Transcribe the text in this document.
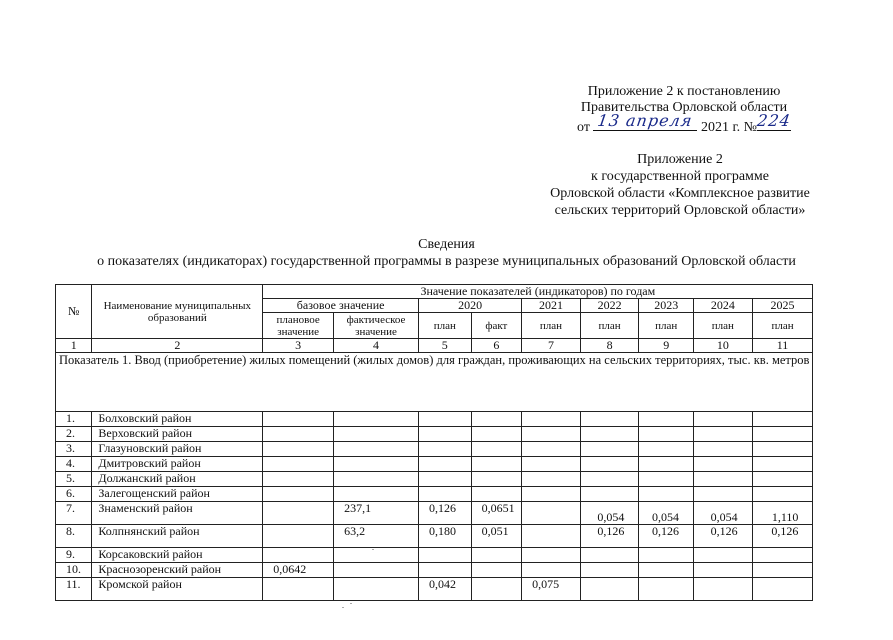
Приложение 2 к постановлению
Правительства Орловской области
от 13 апреля 2021 г. №
224
Приложение 2
к государственной программе
Орловской области «Комплексное развитие
сельских территорий Орловской области»
Сведения
о показателях (индикаторах) государственной программы в разрезе муниципальных образований Орловской области
№	Наименование муниципальных образований	Значение показателей (индикаторов) по годам								
		базовое значение		2020		2021	2022	2023	2024	2025
		плановое значение	фактическое значение	план	факт	план	план	план	план	план
1	2	3	4	5	6	7	8	9	10	11
Показатель 1. Ввод (приобретение) жилых помещений (жилых домов) для граждан, проживающих на сельских территориях, тыс. кв. метров										
1.	Болховский район									
2.	Верховский район									
3.	Глазуновский район									
4.	Дмитровский район									
5.	Должанский район									
6.	Залегощенский район									
7.	Знаменский район		237,1	0,126	0,0651		0,054	0,054	0,054	1,110
8.	Колпнянский район		63,2	0,180	0,051		0,126	0,126	0,126	0,126
9.	Корсаковский район									
10.	Краснозоренский район	0,0642								
11.	Кромской район			0,042		0,075				
